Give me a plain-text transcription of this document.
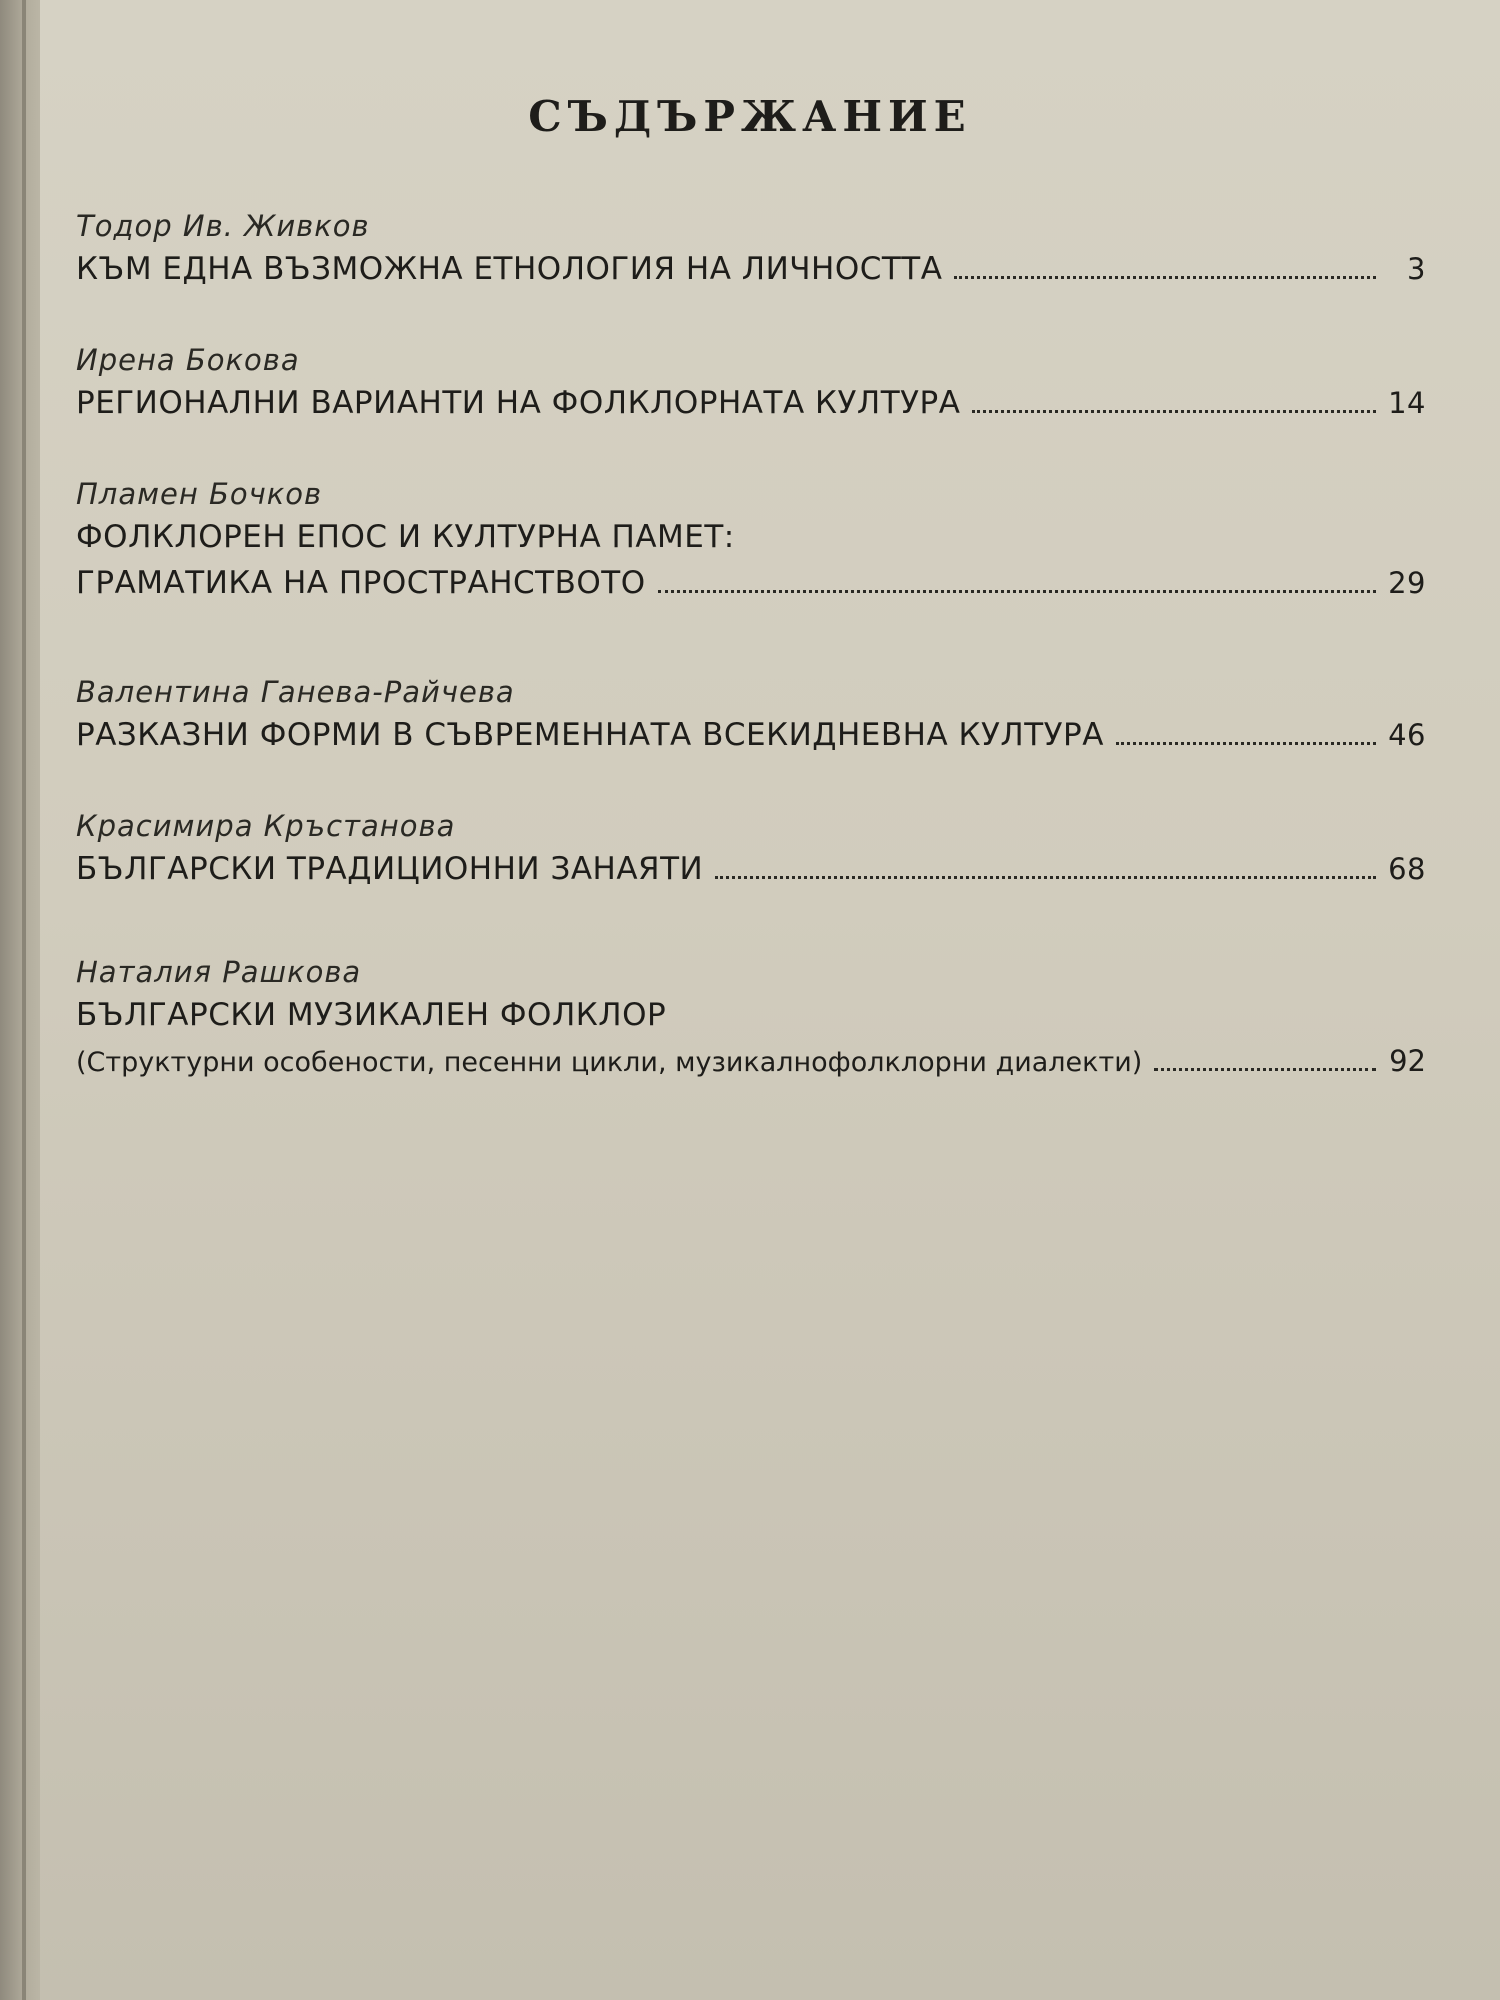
СЪДЪРЖАНИЕ
Тодор Ив. Живков
КЪМ ЕДНА ВЪЗМОЖНА ЕТНОЛОГИЯ НА ЛИЧНОСТТА	3
Ирена Бокова
РЕГИОНАЛНИ ВАРИАНТИ НА ФОЛКЛОРНАТА КУЛТУРА	14
Пламен Бочков
ФОЛКЛОРЕН ЕПОС И КУЛТУРНА ПАМЕТ:
ГРАМАТИКА НА ПРОСТРАНСТВОТО	29
Валентина Ганева-Райчева
РАЗКАЗНИ ФОРМИ В СЪВРЕМЕННАТА ВСЕКИДНЕВНА КУЛТУРА	46
Красимира Кръстанова
БЪЛГАРСКИ ТРАДИЦИОННИ ЗАНАЯТИ	68
Наталия Рашкова
БЪЛГАРСКИ МУЗИКАЛЕН ФОЛКЛОР
(Структурни особености, песенни цикли, музикалнофолклорни диалекти)	92
